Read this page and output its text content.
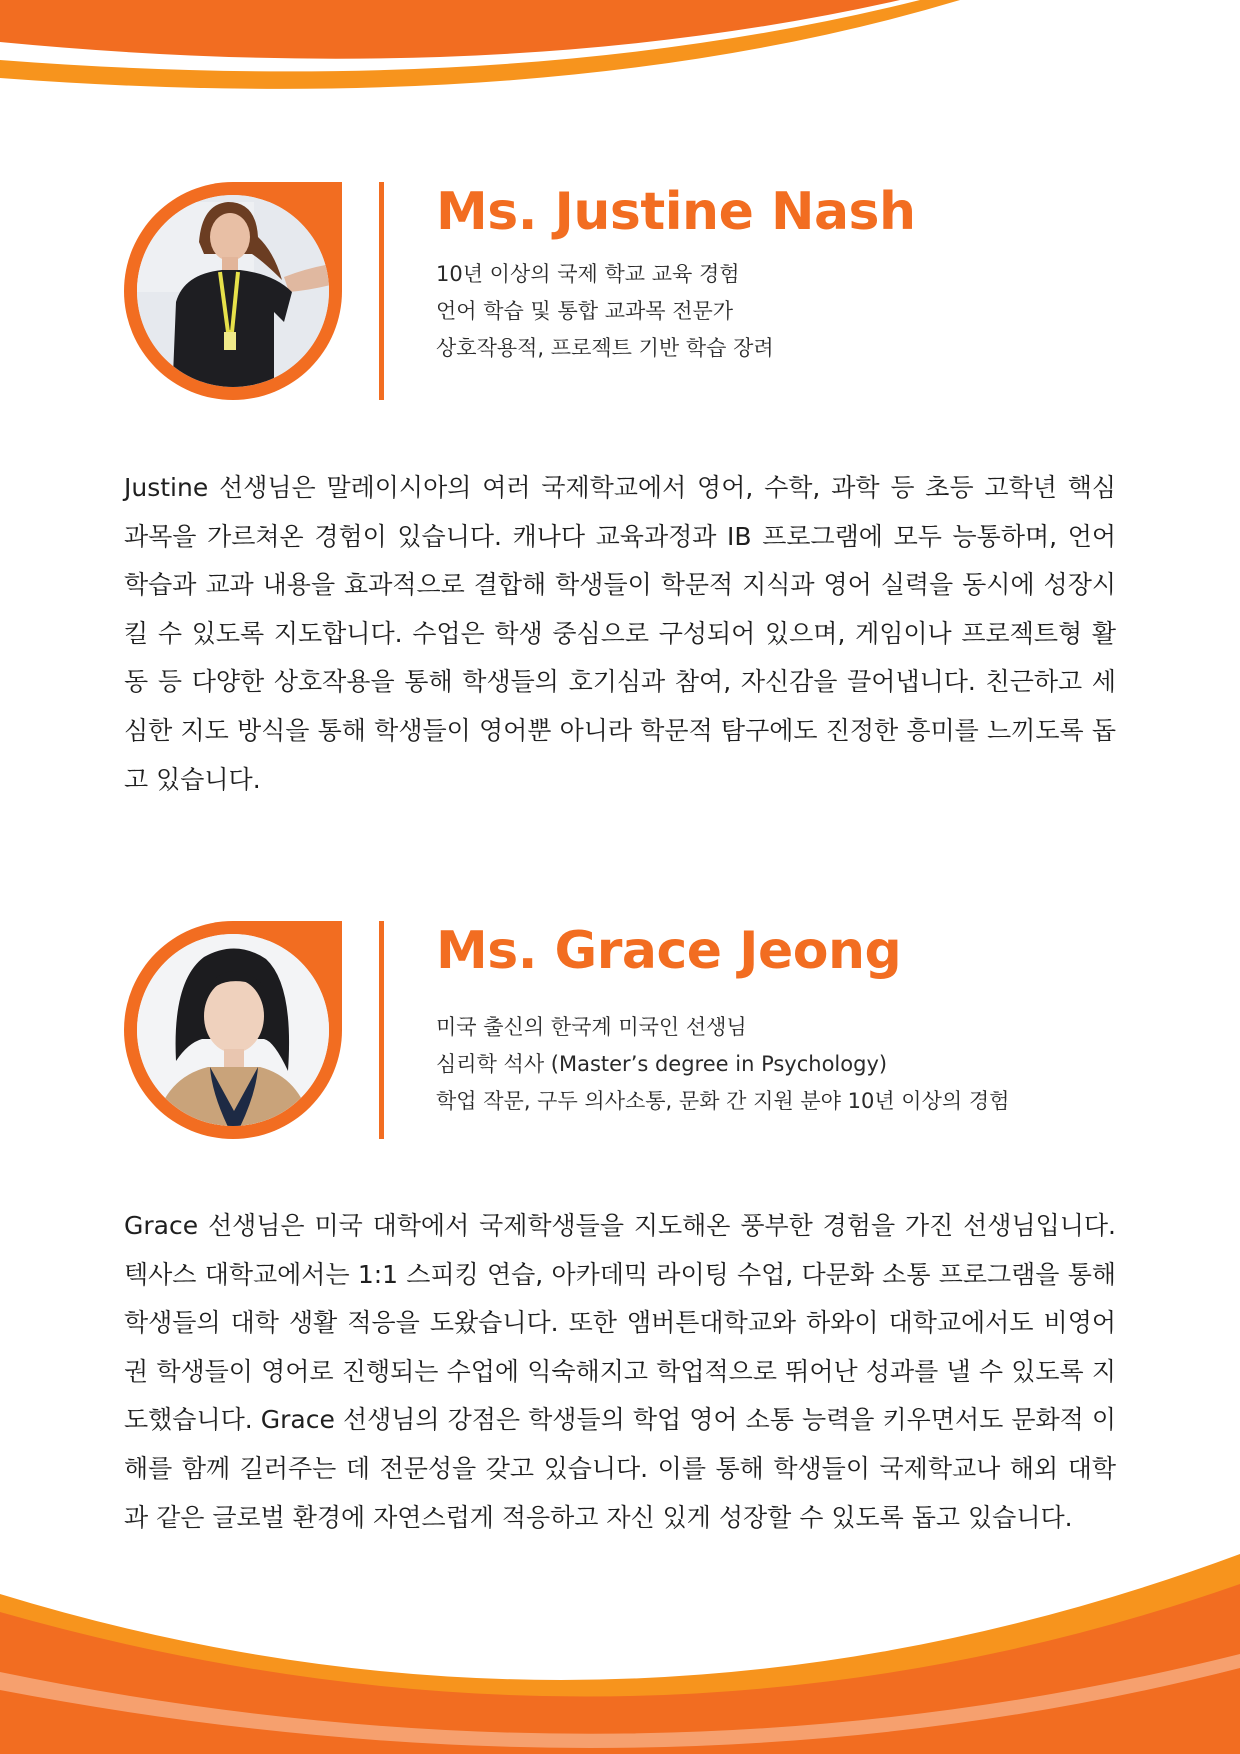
Ms. Justine Nash
10년 이상의 국제 학교 교육 경험
언어 학습 및 통합 교과목 전문가
상호작용적, 프로젝트 기반 학습 장려

Justine 선생님은 말레이시아의 여러 국제학교에서 영어, 수학, 과학 등 초등 고학년 핵심 과목을 가르쳐온 경험이 있습니다. 캐나다 교육과정과 IB 프로그램에 모두 능통하며, 언어 학습과 교과 내용을 효과적으로 결합해 학생들이 학문적 지식과 영어 실력을 동시에 성장시킬 수 있도록 지도합니다. 수업은 학생 중심으로 구성되어 있으며, 게임이나 프로젝트형 활동 등 다양한 상호작용을 통해 학생들의 호기심과 참여, 자신감을 끌어냅니다. 친근하고 세심한 지도 방식을 통해 학생들이 영어뿐 아니라 학문적 탐구에도 진정한 흥미를 느끼도록 돕고 있습니다.

Ms. Grace Jeong
미국 출신의 한국계 미국인 선생님
심리학 석사 (Master’s degree in Psychology)
학업 작문, 구두 의사소통, 문화 간 지원 분야 10년 이상의 경험

Grace 선생님은 미국 대학에서 국제학생들을 지도해온 풍부한 경험을 가진 선생님입니다. 텍사스 대학교에서는 1:1 스피킹 연습, 아카데믹 라이팅 수업, 다문화 소통 프로그램을 통해 학생들의 대학 생활 적응을 도왔습니다. 또한 앰버튼대학교와 하와이 대학교에서도 비영어권 학생들이 영어로 진행되는 수업에 익숙해지고 학업적으로 뛰어난 성과를 낼 수 있도록 지도했습니다. Grace 선생님의 강점은 학생들의 학업 영어 소통 능력을 키우면서도 문화적 이해를 함께 길러주는 데 전문성을 갖고 있습니다. 이를 통해 학생들이 국제학교나 해외 대학과 같은 글로벌 환경에 자연스럽게 적응하고 자신 있게 성장할 수 있도록 돕고 있습니다.
